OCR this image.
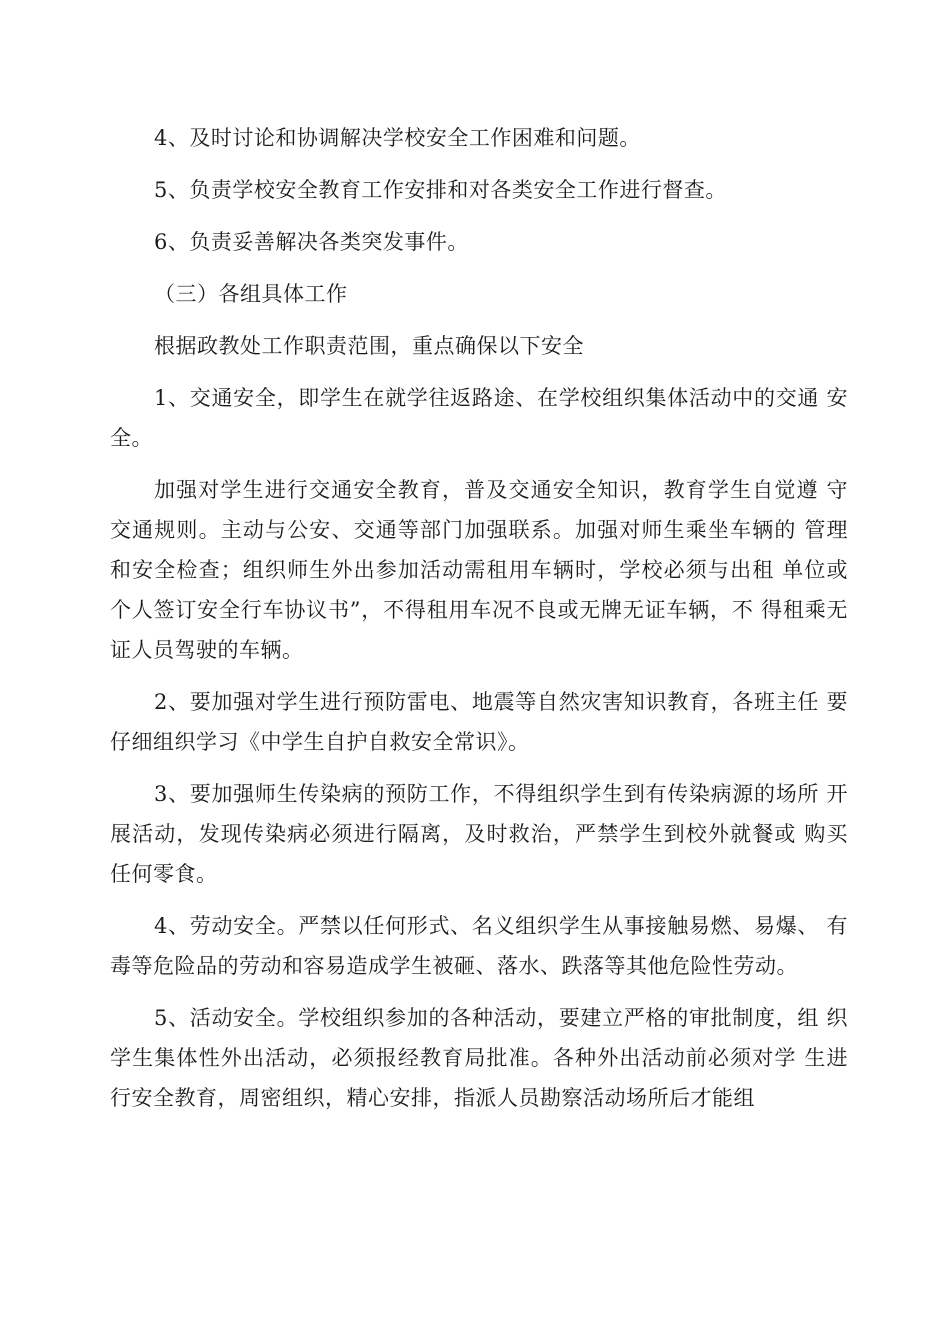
4、及时讨论和协调解决学校安全工作困难和问题。

5、负责学校安全教育工作安排和对各类安全工作进行督查。

6、负责妥善解决各类突发事件。

（三）各组具体工作

根据政教处工作职责范围，重点确保以下安全

1、交通安全，即学生在就学往返路途、在学校组织集体活动中的交通 安全。

加强对学生进行交通安全教育，普及交通安全知识，教育学生自觉遵 守交通规则。主动与公安、交通等部门加强联系。加强对师生乘坐车辆的 管理和安全检查；组织师生外出参加活动需租用车辆时，学校必须与出租 单位或个人签订安全行车协议书”，不得租用车况不良或无牌无证车辆，不 得租乘无证人员驾驶的车辆。

2、要加强对学生进行预防雷电、地震等自然灾害知识教育，各班主任 要仔细组织学习《中学生自护自救安全常识》。

3、要加强师生传染病的预防工作，不得组织学生到有传染病源的场所 开展活动，发现传染病必须进行隔离，及时救治，严禁学生到校外就餐或 购买任何零食。

4、劳动安全。严禁以任何形式、名义组织学生从事接触易燃、易爆、 有毒等危险品的劳动和容易造成学生被砸、落水、跌落等其他危险性劳动。

5、活动安全。学校组织参加的各种活动，要建立严格的审批制度，组 织学生集体性外出活动，必须报经教育局批准。各种外出活动前必须对学 生进行安全教育，周密组织，精心安排，指派人员勘察活动场所后才能组
